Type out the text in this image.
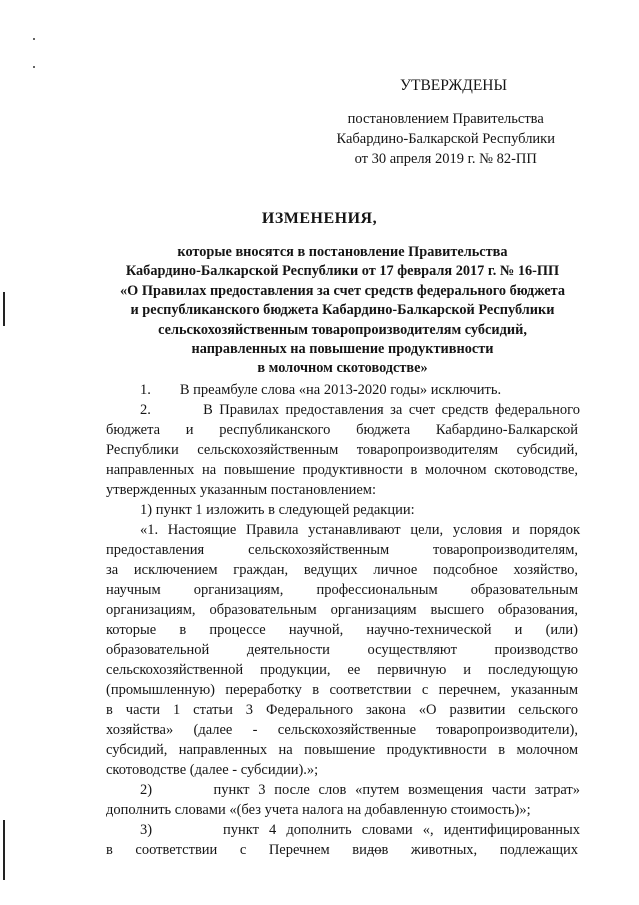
УТВЕРЖДЕНЫ
постановлением Правительства
Кабардино-Балкарской Республики
от 30 апреля 2019 г. № 82-ПП
ИЗМЕНЕНИЯ,
которые вносятся в постановление Правительства
Кабардино-Балкарской Республики от 17 февраля 2017 г. № 16-ПП
«О Правилах предоставления за счет средств федерального бюджета
и республиканского бюджета Кабардино-Балкарской Республики
сельскохозяйственным товаропроизводителям субсидий,
направленных на повышение продуктивности
в молочном скотоводстве»
1.        В преамбуле слова «на 2013-2020 годы» исключить.
2.        В Правилах предоставления за счет средств федерального
бюджета и республиканского бюджета Кабардино-Балкарской
Республики сельскохозяйственным товаропроизводителям субсидий,
направленных на повышение продуктивности в молочном скотоводстве,
утвержденных указанным постановлением:
1) пункт 1 изложить в следующей редакции:
«1. Настоящие Правила устанавливают цели, условия и порядок
предоставления сельскохозяйственным товаропроизводителям,
за исключением граждан, ведущих личное подсобное хозяйство,
научным организациям, профессиональным образовательным
организациям, образовательным организациям высшего образования,
которые в процессе научной, научно-технической и (или)
образовательной деятельности осуществляют производство
сельскохозяйственной продукции, ее первичную и последующую
(промышленную) переработку в соответствии с перечнем, указанным
в части 1 статьи 3 Федерального закона «О развитии сельского
хозяйства» (далее - сельскохозяйственные товаропроизводители),
субсидий, направленных на повышение продуктивности в молочном
скотоводстве (далее - субсидии).»;
2)       пункт 3 после слов «путем возмещения части затрат»
дополнить словами «(без учета налога на добавленную стоимость)»;
3)       пункт 4 дополнить словами «, идентифицированных
в соответствии с Перечнем видов животных, подлежащих
